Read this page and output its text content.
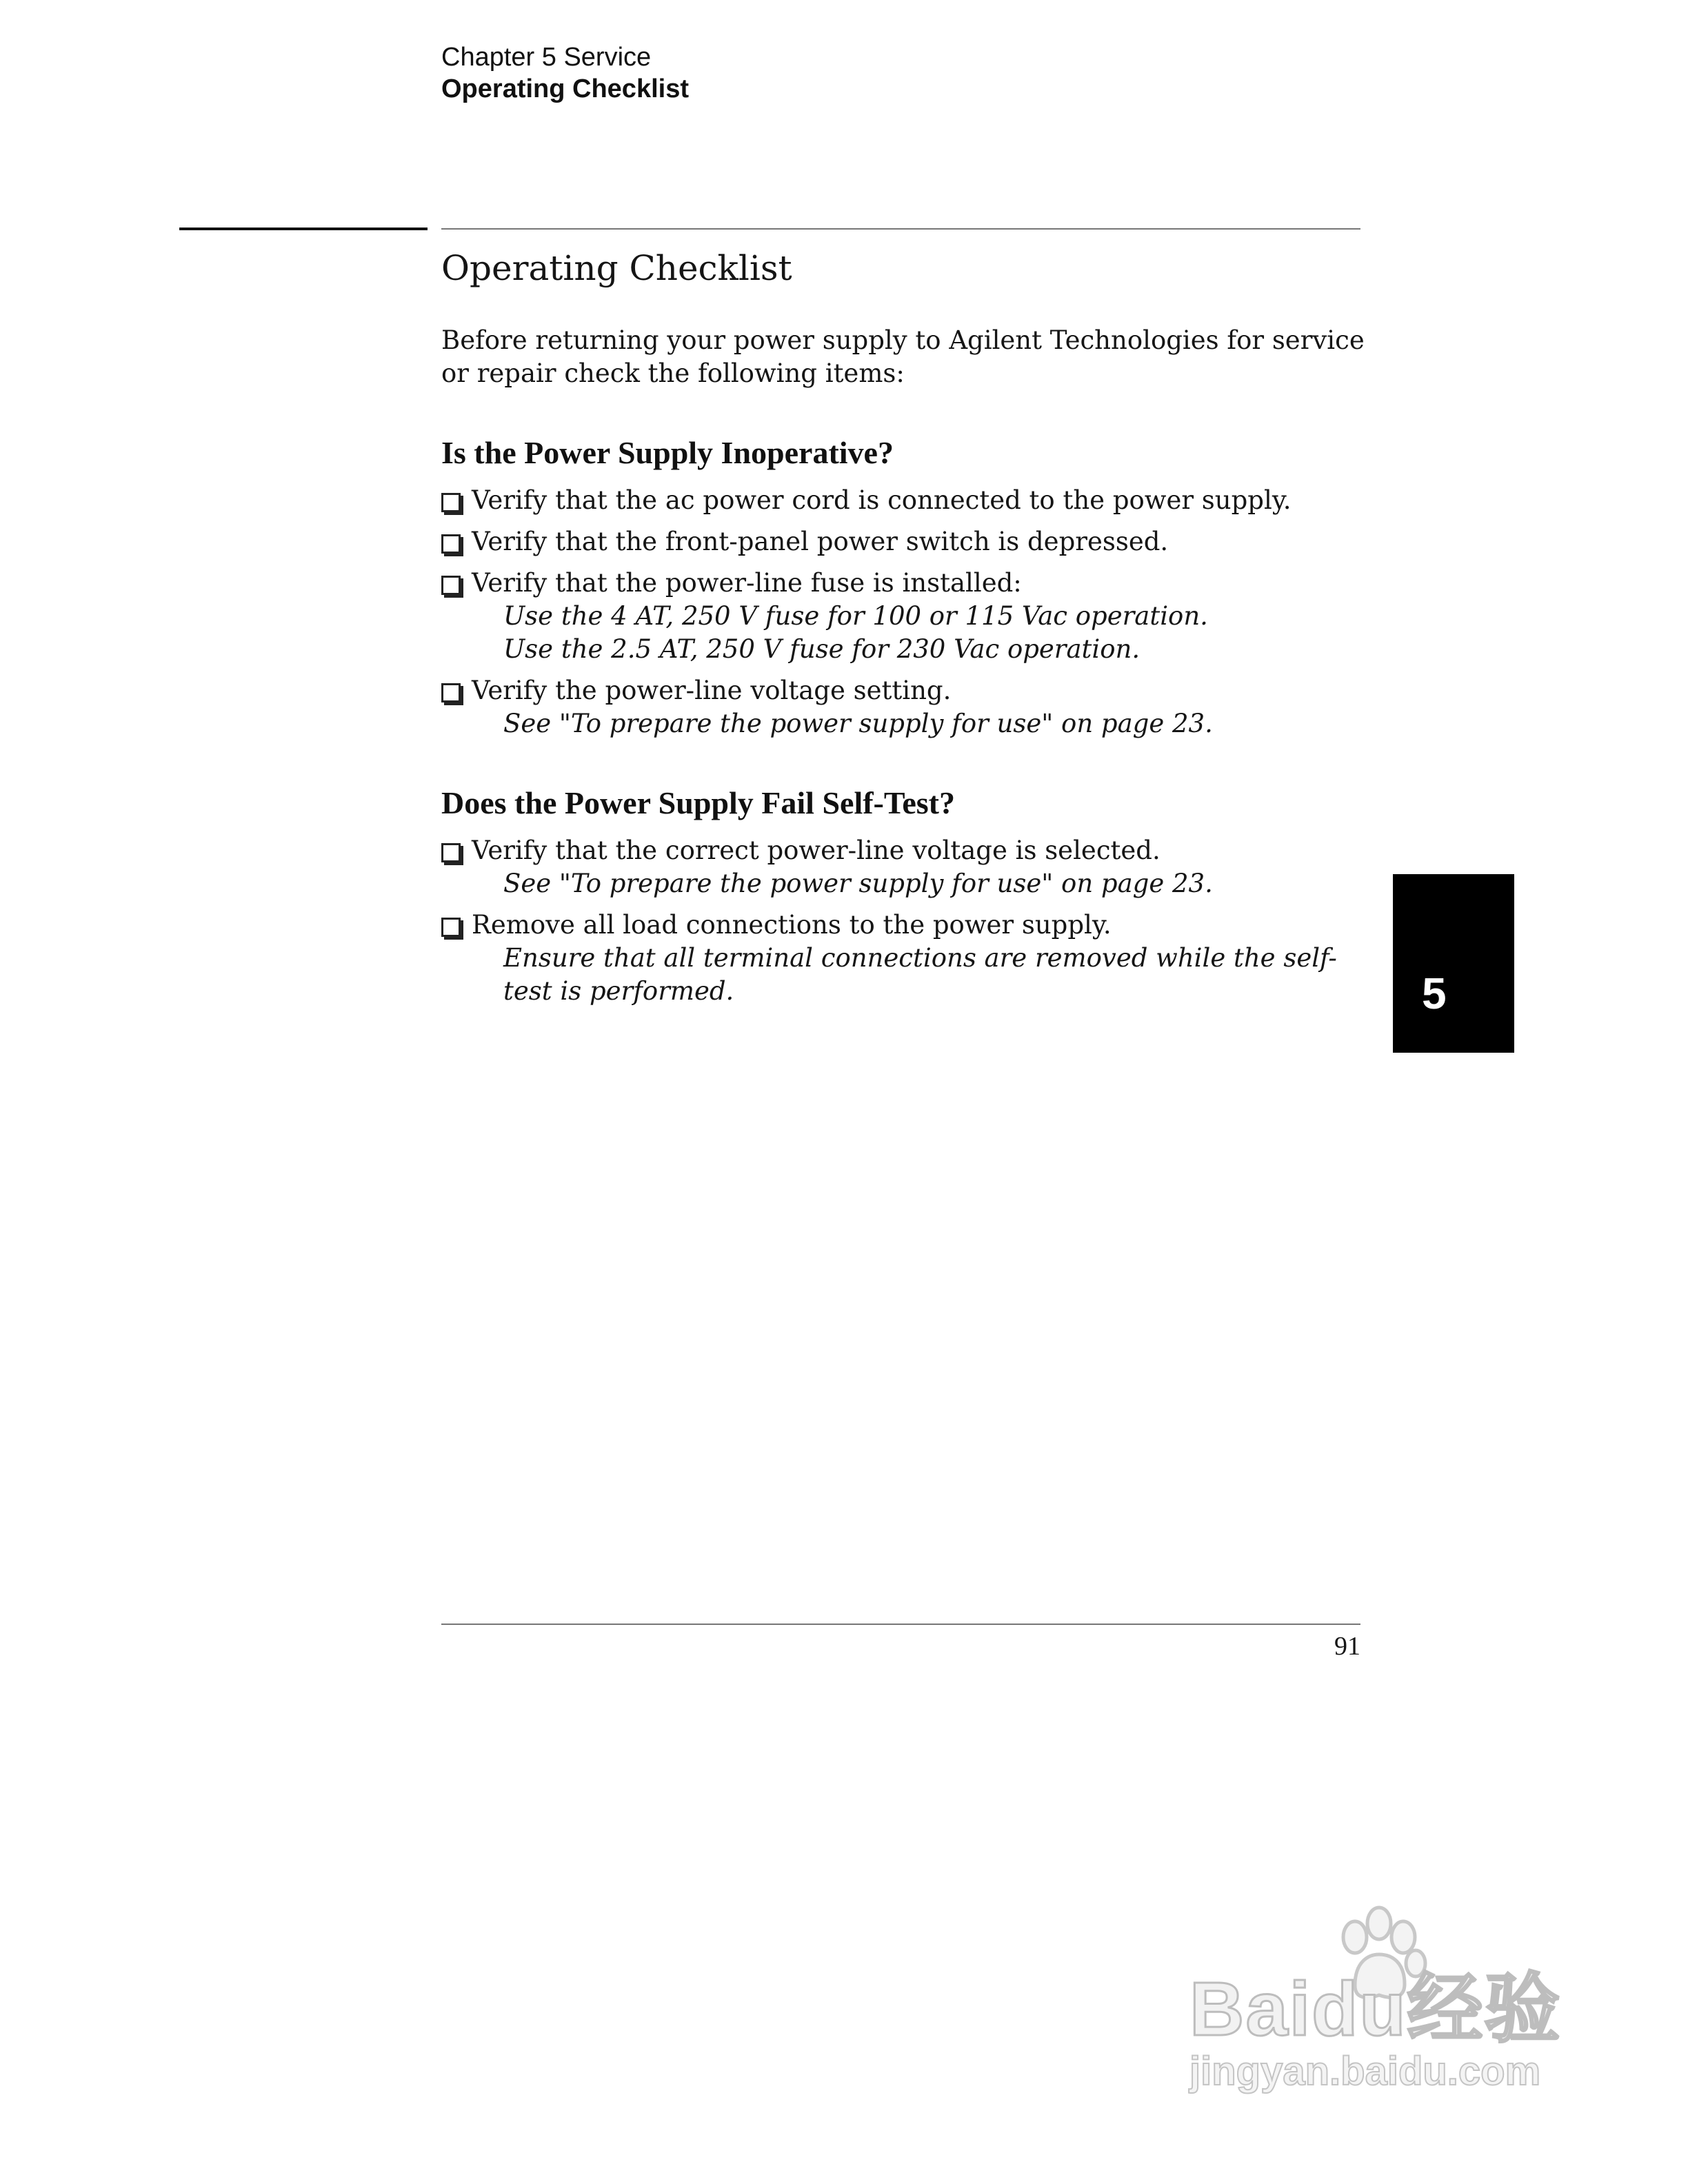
Chapter 5 Service
Operating Checklist
Operating Checklist

Before returning your power supply to Agilent Technologies for service or repair check the following items:

Is the Power Supply Inoperative?
Verify that the ac power cord is connected to the power supply.
Verify that the front-panel power switch is depressed.
Verify that the power-line fuse is installed:
Use the 4 AT, 250 V fuse for 100 or 115 Vac operation.
Use the 2.5 AT, 250 V fuse for 230 Vac operation.
Verify the power-line voltage setting.
See "To prepare the power supply for use" on page 23.
Does the Power Supply Fail Self-Test?
Verify that the correct power-line voltage is selected.
See "To prepare the power supply for use" on page 23.
Remove all load connections to the power supply.
Ensure that all terminal connections are removed while the self-test is performed.
91
5
Baidu经验
jingyan.baidu.com
